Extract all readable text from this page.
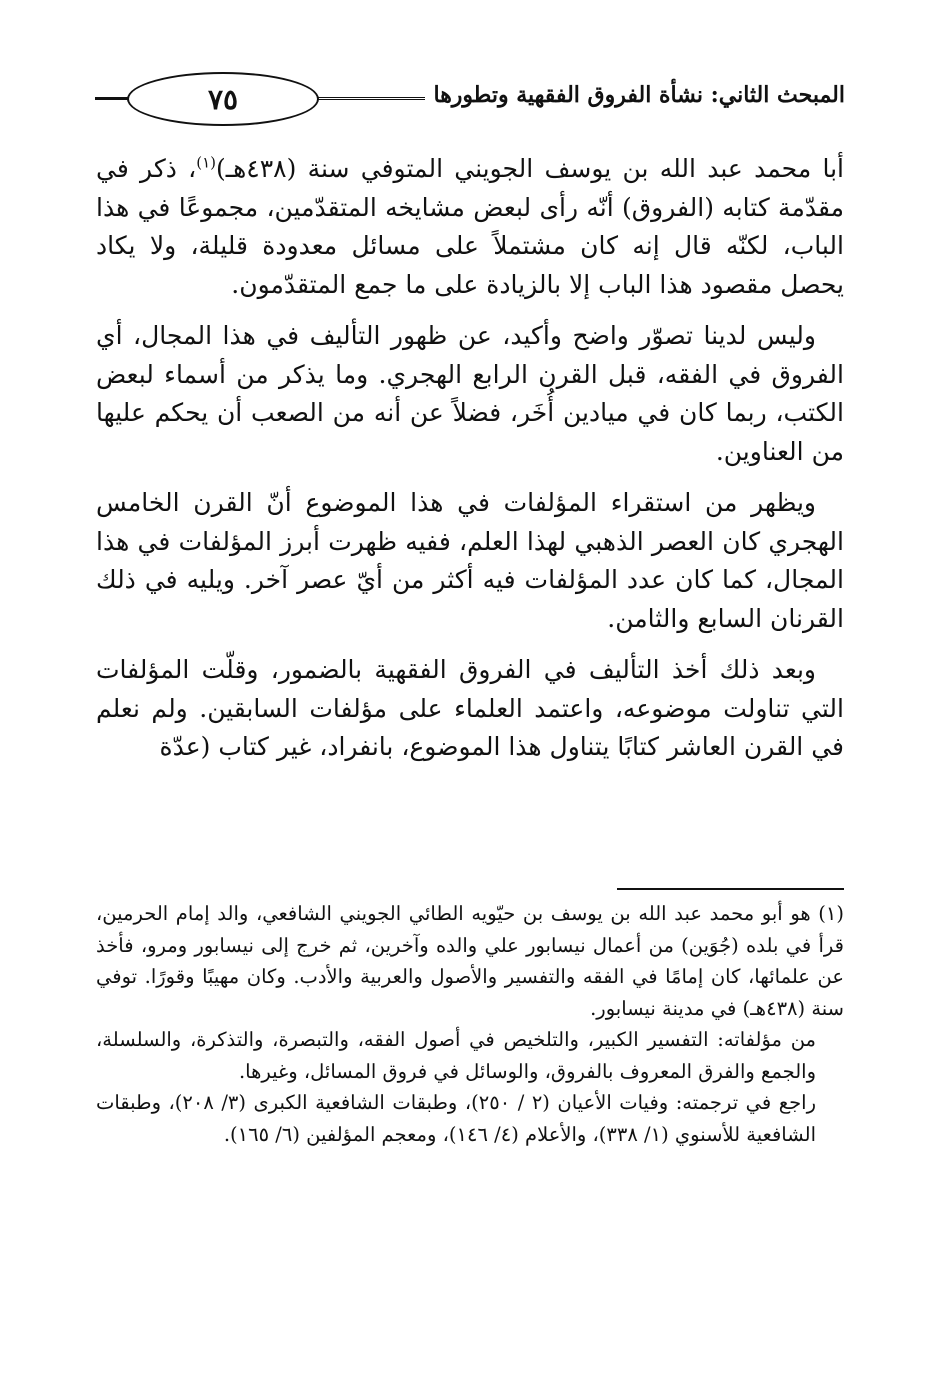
٧٥	المبحث الثاني: نشأة الفروق الفقهية وتطورها

أبا محمد عبد الله بن يوسف الجويني المتوفي سنة (٤٣٨هـ)$^{(١)}$، ذكر في مقدّمة كتابه (الفروق) أنّه رأى لبعض مشايخه المتقدّمين، مجموعًا في هذا الباب، لكنّه قال إنه كان مشتملاً على مسائل معدودة قليلة، ولا يكاد يحصل مقصود هذا الباب إلا بالزيادة على ما جمع المتقدّمون.

وليس لدينا تصوّر واضح وأكيد، عن ظهور التأليف في هذا المجال، أي الفروق في الفقه، قبل القرن الرابع الهجري. وما يذكر من أسماء لبعض الكتب، ربما كان في ميادين أُخَر، فضلاً عن أنه من الصعب أن يحكم عليها من العناوين.

ويظهر من استقراء المؤلفات في هذا الموضوع أنّ القرن الخامس الهجري كان العصر الذهبي لهذا العلم، ففيه ظهرت أبرز المؤلفات في هذا المجال، كما كان عدد المؤلفات فيه أكثر من أيّ عصر آخر. ويليه في ذلك القرنان السابع والثامن.

وبعد ذلك أخذ التأليف في الفروق الفقهية بالضمور، وقلّت المؤلفات التي تناولت موضوعه، واعتمد العلماء على مؤلفات السابقين. ولم نعلم في القرن العاشر كتابًا يتناول هذا الموضوع، بانفراد، غير كتاب (عدّة

(١) هو أبو محمد عبد الله بن يوسف بن حيّويه الطائي الجويني الشافعي، والد إمام الحرمين، قرأ في بلده (جُوَين) من أعمال نيسابور علي والده وآخرين، ثم خرج إلى نيسابور ومرو، فأخذ عن علمائها، كان إمامًا في الفقه والتفسير والأصول والعربية والأدب. وكان مهيبًا وقورًا. توفي سنة (٤٣٨هـ) في مدينة نيسابور.

من مؤلفاته: التفسير الكبير، والتلخيص في أصول الفقه، والتبصرة، والتذكرة، والسلسلة، والجمع والفرق المعروف بالفروق، والوسائل في فروق المسائل، وغيرها.

راجع في ترجمته: وفيات الأعيان (٢ / ٢٥٠)، وطبقات الشافعية الكبرى (٣/ ٢٠٨)، وطبقات الشافعية للأسنوي (١/ ٣٣٨)، والأعلام (٤/ ١٤٦)، ومعجم المؤلفين (٦/ ١٦٥).
